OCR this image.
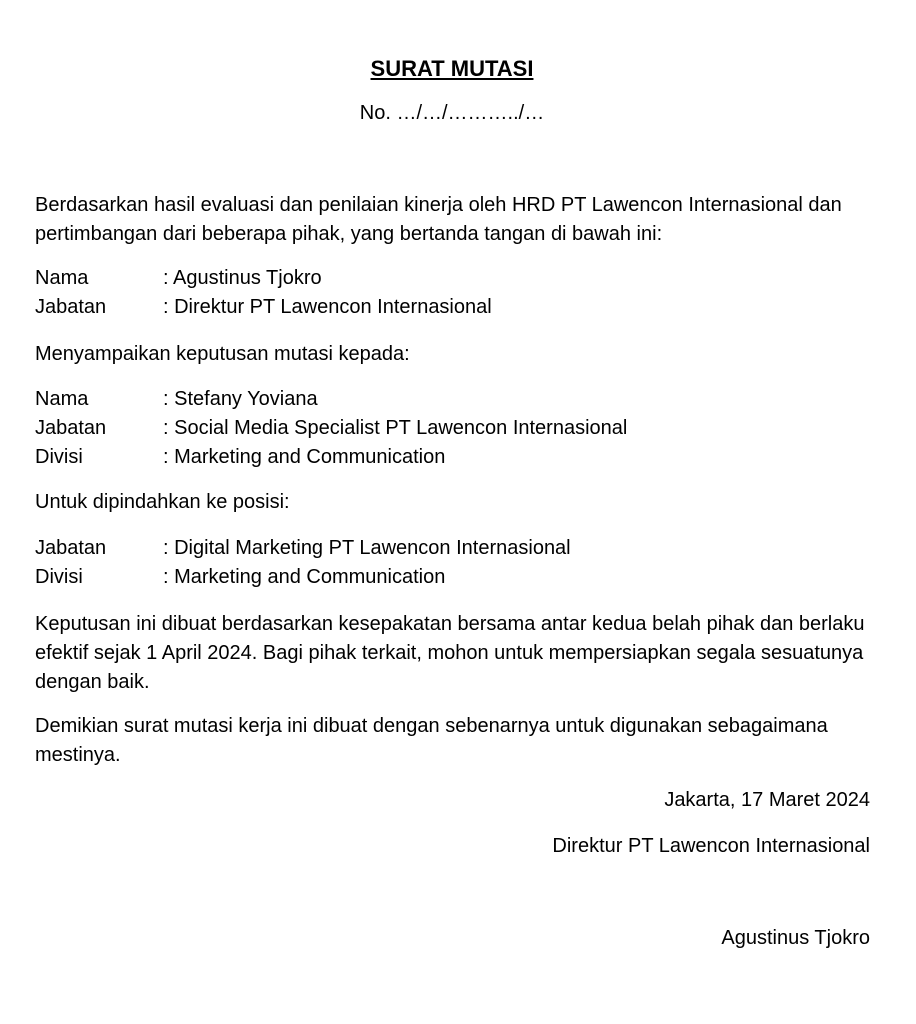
SURAT MUTASI
No. …/…/………../…

Berdasarkan hasil evaluasi dan penilaian kinerja oleh HRD PT Lawencon Internasional dan pertimbangan dari beberapa pihak, yang bertanda tangan di bawah ini:

Nama	: Agustinus Tjokro
Jabatan	: Direktur PT Lawencon Internasional

Menyampaikan keputusan mutasi kepada:

Nama	: Stefany Yoviana
Jabatan	: Social Media Specialist PT Lawencon Internasional
Divisi	: Marketing and Communication

Untuk dipindahkan ke posisi:

Jabatan	: Digital Marketing PT Lawencon Internasional
Divisi	: Marketing and Communication

Keputusan ini dibuat berdasarkan kesepakatan bersama antar kedua belah pihak dan berlaku efektif sejak 1 April 2024. Bagi pihak terkait, mohon untuk mempersiapkan segala sesuatunya dengan baik.

Demikian surat mutasi kerja ini dibuat dengan sebenarnya untuk digunakan sebagaimana mestinya.

Jakarta, 17 Maret 2024
Direktur PT Lawencon Internasional
Agustinus Tjokro
